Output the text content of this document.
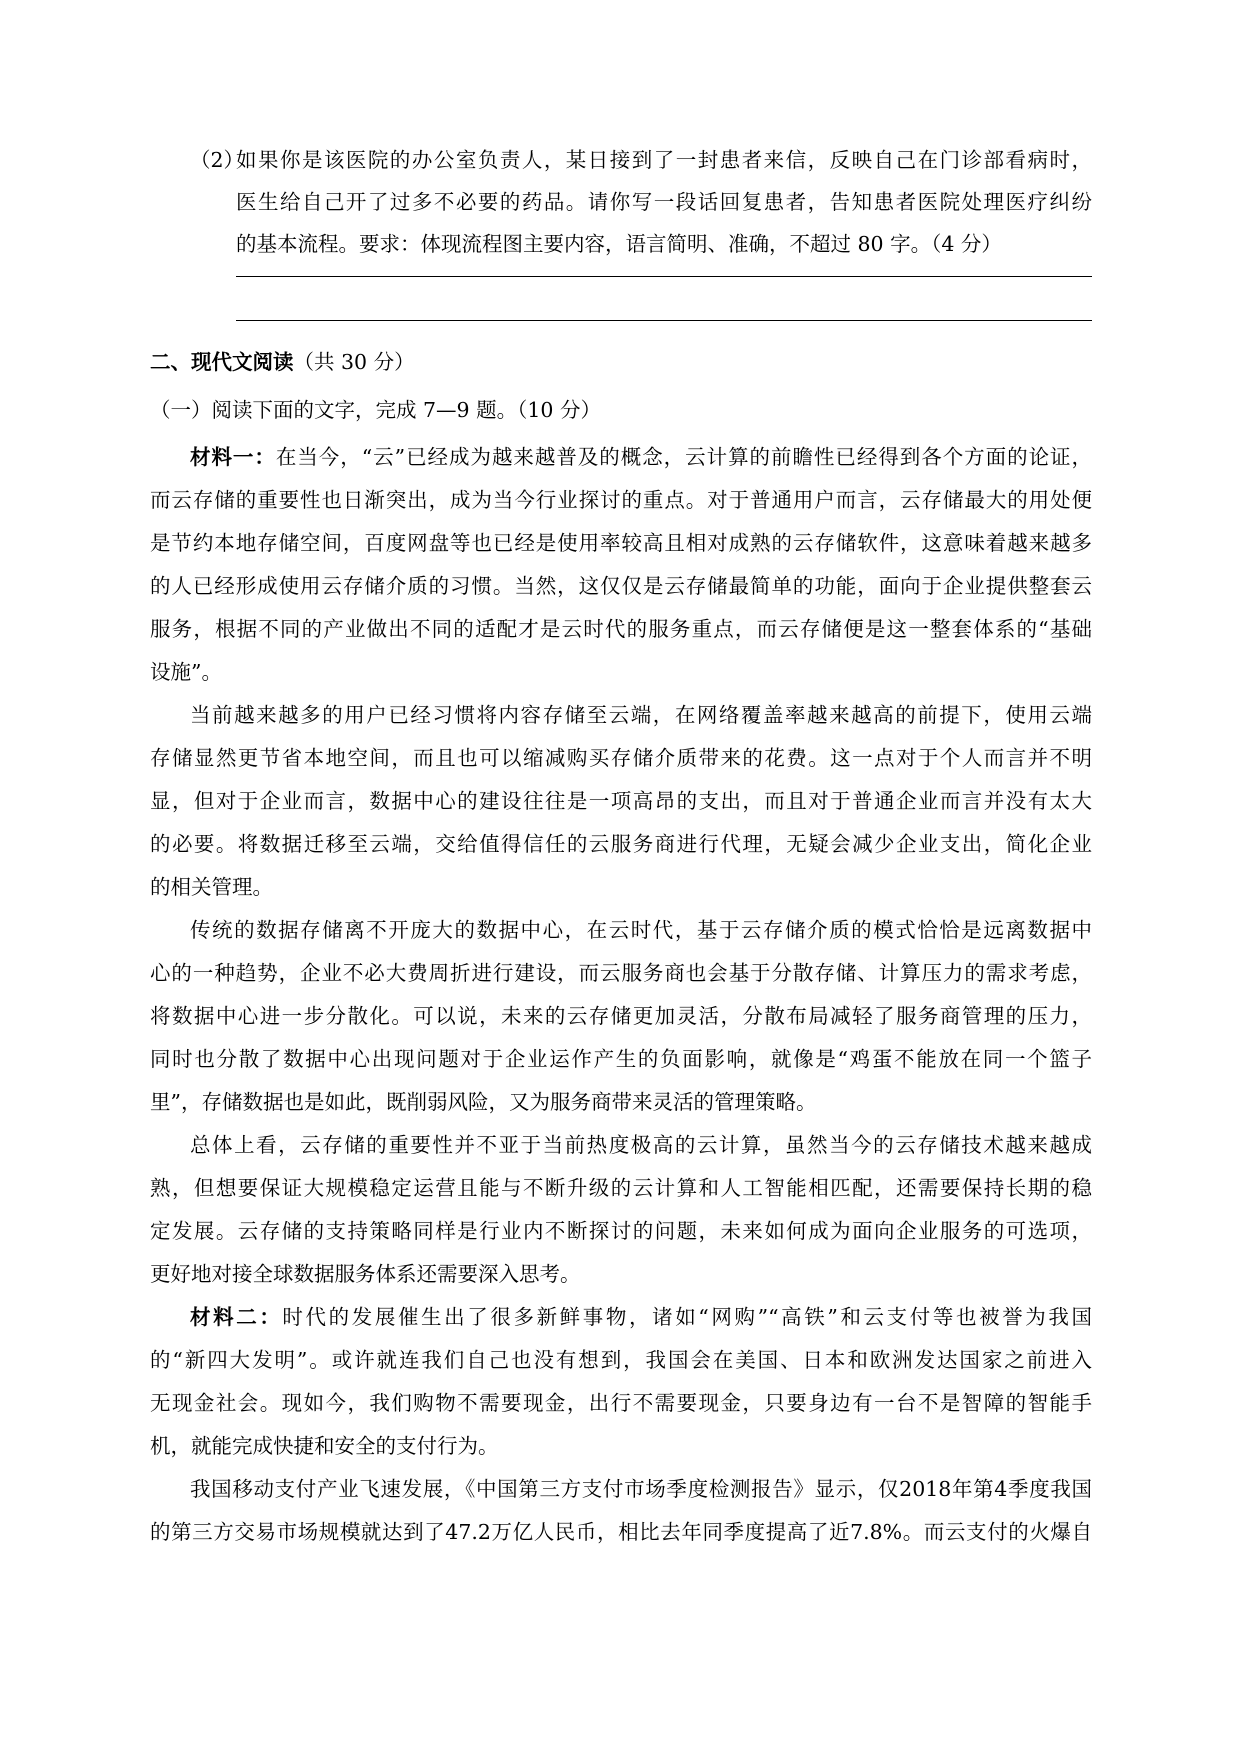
（2）
如果你是该医院的办公室负责人，某日接到了一封患者来信，反映自己在门诊部看病时，
医生给自己开了过多不必要的药品。请你写一段话回复患者，告知患者医院处理医疗纠纷
的基本流程。要求：体现流程图主要内容，语言简明、准确，不超过 80 字。（4 分）
二、现代文阅读（共 30 分）
（一）阅读下面的文字，完成 7—9 题。（10 分）
材料一：在当今，“云”已经成为越来越普及的概念，云计算的前瞻性已经得到各个方面的论证，
而云存储的重要性也日渐突出，成为当今行业探讨的重点。对于普通用户而言，云存储最大的用处便
是节约本地存储空间，百度网盘等也已经是使用率较高且相对成熟的云存储软件，这意味着越来越多
的人已经形成使用云存储介质的习惯。当然，这仅仅是云存储最简单的功能，面向于企业提供整套云
服务，根据不同的产业做出不同的适配才是云时代的服务重点，而云存储便是这一整套体系的“基础
设施”。
当前越来越多的用户已经习惯将内容存储至云端，在网络覆盖率越来越高的前提下，使用云端
存储显然更节省本地空间，而且也可以缩减购买存储介质带来的花费。这一点对于个人而言并不明
显，但对于企业而言，数据中心的建设往往是一项高昂的支出，而且对于普通企业而言并没有太大
的必要。将数据迁移至云端，交给值得信任的云服务商进行代理，无疑会减少企业支出，简化企业
的相关管理。
传统的数据存储离不开庞大的数据中心，在云时代，基于云存储介质的模式恰恰是远离数据中
心的一种趋势，企业不必大费周折进行建设，而云服务商也会基于分散存储、计算压力的需求考虑，
将数据中心进一步分散化。可以说，未来的云存储更加灵活，分散布局减轻了服务商管理的压力，
同时也分散了数据中心出现问题对于企业运作产生的负面影响，就像是“鸡蛋不能放在同一个篮子
里”，存储数据也是如此，既削弱风险，又为服务商带来灵活的管理策略。
总体上看，云存储的重要性并不亚于当前热度极高的云计算，虽然当今的云存储技术越来越成
熟，但想要保证大规模稳定运营且能与不断升级的云计算和人工智能相匹配，还需要保持长期的稳
定发展。云存储的支持策略同样是行业内不断探讨的问题，未来如何成为面向企业服务的可选项，
更好地对接全球数据服务体系还需要深入思考。
材料二：时代的发展催生出了很多新鲜事物，诸如“网购”“高铁”和云支付等也被誉为我国
的“新四大发明”。或许就连我们自己也没有想到，我国会在美国、日本和欧洲发达国家之前进入
无现金社会。现如今，我们购物不需要现金，出行不需要现金，只要身边有一台不是智障的智能手
机，就能完成快捷和安全的支付行为。
我国移动支付产业飞速发展，《中国第三方支付市场季度检测报告》显示，仅2018年第4季度我国
的第三方交易市场规模就达到了47.2万亿人民币，相比去年同季度提高了近7.8%。而云支付的火爆自
